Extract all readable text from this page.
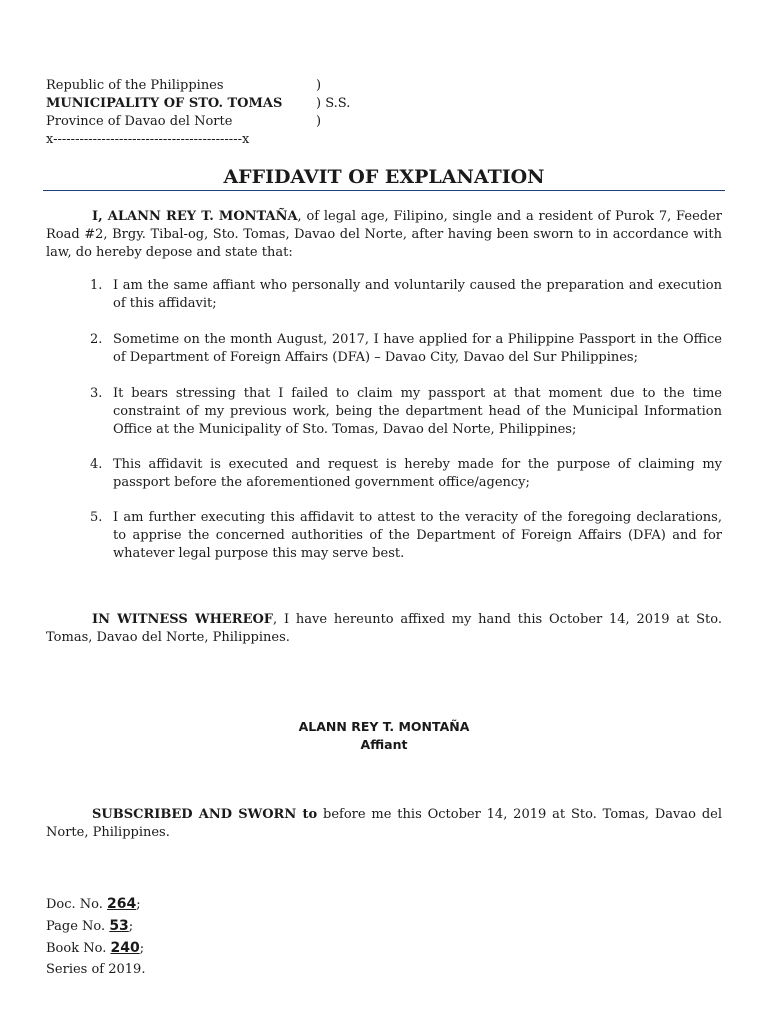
Republic of the Philippines	)
MUNICIPALITY OF STO. TOMAS	) S.S.
Province of Davao del Norte	)
x-------------------------------------------x
AFFIDAVIT OF EXPLANATION
I, ALANN REY T. MONTAÑA, of legal age, Filipino, single and a resident of Purok 7, Feeder Road #2, Brgy. Tibal-og, Sto. Tomas, Davao del Norte, after having been sworn to in accordance with law, do hereby depose and state that:
1. I am the same affiant who personally and voluntarily caused the preparation and execution of this affidavit;
2. Sometime on the month August, 2017, I have applied for a Philippine Passport in the Office of Department of Foreign Affairs (DFA) – Davao City, Davao del Sur Philippines;
3. It bears stressing that I failed to claim my passport at that moment due to the time constraint of my previous work, being the department head of the Municipal Information Office at the Municipality of Sto. Tomas, Davao del Norte, Philippines;
4. This affidavit is executed and request is hereby made for the purpose of claiming my passport before the aforementioned government office/agency;
5. I am further executing this affidavit to attest to the veracity of the foregoing declarations, to apprise the concerned authorities of the Department of Foreign Affairs (DFA) and for whatever legal purpose this may serve best.
IN WITNESS WHEREOF, I have hereunto affixed my hand this October 14, 2019 at Sto. Tomas, Davao del Norte, Philippines.
ALANN REY T. MONTAÑA
Affiant
SUBSCRIBED AND SWORN to before me this October 14, 2019 at Sto. Tomas, Davao del Norte, Philippines.
Doc. No. 264;
Page No. 53;
Book No. 240;
Series of 2019.
